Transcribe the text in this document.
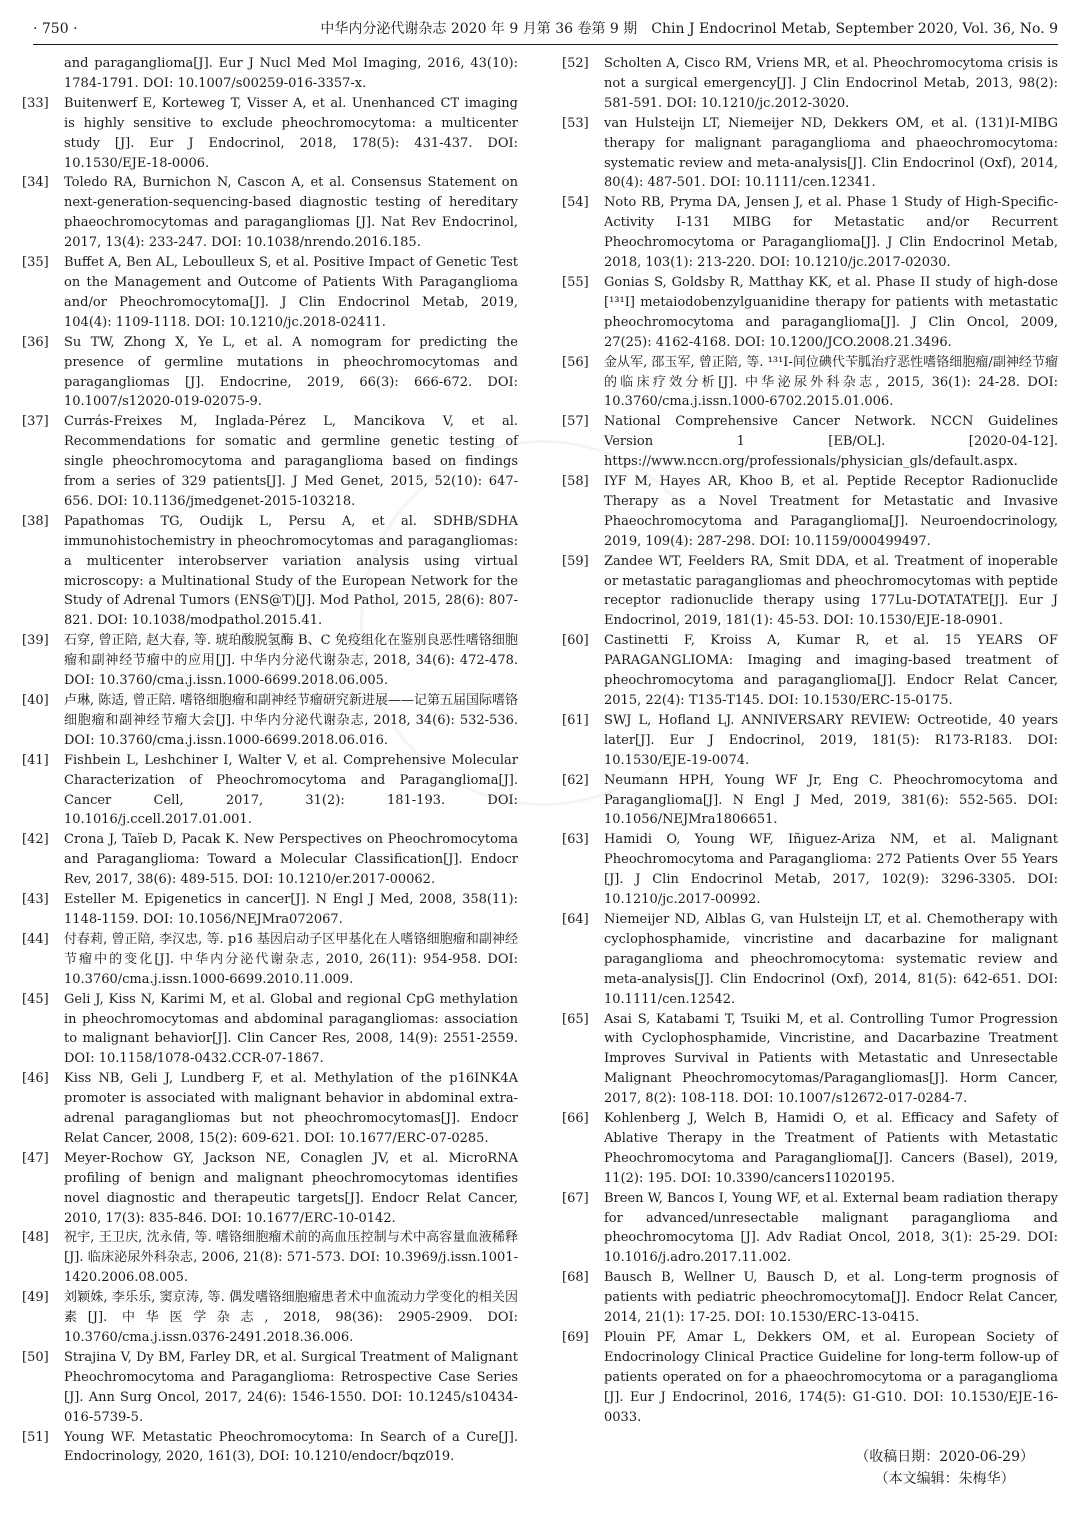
· 750 ·	中华内分泌代谢杂志 2020 年 9 月第 36 卷第 9 期　Chin J Endocrinol Metab, September 2020, Vol. 36, No. 9
and paraganglioma[J]. Eur J Nucl Med Mol Imaging, 2016, 43(10): 1784-1791. DOI: 10.1007/s00259-016-3357-x.
[33]	Buitenwerf E, Korteweg T, Visser A, et al. Unenhanced CT imaging is highly sensitive to exclude pheochromocytoma: a multicenter study [J]. Eur J Endocrinol, 2018, 178(5): 431-437. DOI: 10.1530/EJE-18-0006.
[34]	Toledo RA, Burnichon N, Cascon A, et al. Consensus Statement on next-generation-sequencing-based diagnostic testing of hereditary phaeochromocytomas and paragangliomas [J]. Nat Rev Endocrinol, 2017, 13(4): 233-247. DOI: 10.1038/nrendo.2016.185.
[35]	Buffet A, Ben AL, Leboulleux S, et al. Positive Impact of Genetic Test on the Management and Outcome of Patients With Paraganglioma and/or Pheochromocytoma[J]. J Clin Endocrinol Metab, 2019, 104(4): 1109-1118. DOI: 10.1210/jc.2018-02411.
[36]	Su TW, Zhong X, Ye L, et al. A nomogram for predicting the presence of germline mutations in pheochromocytomas and paragangliomas [J]. Endocrine, 2019, 66(3): 666-672. DOI: 10.1007/s12020-019-02075-9.
[37]	Currás-Freixes M, Inglada-Pérez L, Mancikova V, et al. Recommendations for somatic and germline genetic testing of single pheochromocytoma and paraganglioma based on findings from a series of 329 patients[J]. J Med Genet, 2015, 52(10): 647-656. DOI: 10.1136/jmedgenet-2015-103218.
[38]	Papathomas TG, Oudijk L, Persu A, et al. SDHB/SDHA immunohistochemistry in pheochromocytomas and paragangliomas: a multicenter interobserver variation analysis using virtual microscopy: a Multinational Study of the European Network for the Study of Adrenal Tumors (ENS@T)[J]. Mod Pathol, 2015, 28(6): 807-821. DOI: 10.1038/modpathol.2015.41.
[39]	石穿, 曾正陪, 赵大春, 等. 琥珀酸脱氢酶 B、C 免疫组化在鉴别良恶性嗜铬细胞瘤和副神经节瘤中的应用[J]. 中华内分泌代谢杂志, 2018, 34(6): 472-478. DOI: 10.3760/cma.j.issn.1000-6699.2018.06.005.
[40]	卢琳, 陈适, 曾正陪. 嗜铬细胞瘤和副神经节瘤研究新进展——记第五届国际嗜铬细胞瘤和副神经节瘤大会[J]. 中华内分泌代谢杂志, 2018, 34(6): 532-536. DOI: 10.3760/cma.j.issn.1000-6699.2018.06.016.
[41]	Fishbein L, Leshchiner I, Walter V, et al. Comprehensive Molecular Characterization of Pheochromocytoma and Paraganglioma[J]. Cancer Cell, 2017, 31(2): 181-193. DOI: 10.1016/j.ccell.2017.01.001.
[42]	Crona J, Taïeb D, Pacak K. New Perspectives on Pheochromocytoma and Paraganglioma: Toward a Molecular Classification[J]. Endocr Rev, 2017, 38(6): 489-515. DOI: 10.1210/er.2017-00062.
[43]	Esteller M. Epigenetics in cancer[J]. N Engl J Med, 2008, 358(11): 1148-1159. DOI: 10.1056/NEJMra072067.
[44]	付春莉, 曾正陪, 李汉忠, 等. p16 基因启动子区甲基化在人嗜铬细胞瘤和副神经节瘤中的变化[J]. 中华内分泌代谢杂志, 2010, 26(11): 954-958. DOI: 10.3760/cma.j.issn.1000-6699.2010.11.009.
[45]	Geli J, Kiss N, Karimi M, et al. Global and regional CpG methylation in pheochromocytomas and abdominal paragangliomas: association to malignant behavior[J]. Clin Cancer Res, 2008, 14(9): 2551-2559. DOI: 10.1158/1078-0432.CCR-07-1867.
[46]	Kiss NB, Geli J, Lundberg F, et al. Methylation of the p16INK4A promoter is associated with malignant behavior in abdominal extra-adrenal paragangliomas but not pheochromocytomas[J]. Endocr Relat Cancer, 2008, 15(2): 609-621. DOI: 10.1677/ERC-07-0285.
[47]	Meyer-Rochow GY, Jackson NE, Conaglen JV, et al. MicroRNA profiling of benign and malignant pheochromocytomas identifies novel diagnostic and therapeutic targets[J]. Endocr Relat Cancer, 2010, 17(3): 835-846. DOI: 10.1677/ERC-10-0142.
[48]	祝宇, 王卫庆, 沈永倩, 等. 嗜铬细胞瘤术前的高血压控制与术中高容量血液稀释[J]. 临床泌尿外科杂志, 2006, 21(8): 571-573. DOI: 10.3969/j.issn.1001-1420.2006.08.005.
[49]	刘颖姝, 李乐乐, 窦京涛, 等. 偶发嗜铬细胞瘤患者术中血流动力学变化的相关因素[J]. 中华医学杂志, 2018, 98(36): 2905-2909. DOI: 10.3760/cma.j.issn.0376-2491.2018.36.006.
[50]	Strajina V, Dy BM, Farley DR, et al. Surgical Treatment of Malignant Pheochromocytoma and Paraganglioma: Retrospective Case Series [J]. Ann Surg Oncol, 2017, 24(6): 1546-1550. DOI: 10.1245/s10434-016-5739-5.
[51]	Young WF. Metastatic Pheochromocytoma: In Search of a Cure[J]. Endocrinology, 2020, 161(3), DOI: 10.1210/endocr/bqz019.
[52]	Scholten A, Cisco RM, Vriens MR, et al. Pheochromocytoma crisis is not a surgical emergency[J]. J Clin Endocrinol Metab, 2013, 98(2): 581-591. DOI: 10.1210/jc.2012-3020.
[53]	van Hulsteijn LT, Niemeijer ND, Dekkers OM, et al. (131)I-MIBG therapy for malignant paraganglioma and phaeochromocytoma: systematic review and meta-analysis[J]. Clin Endocrinol (Oxf), 2014, 80(4): 487-501. DOI: 10.1111/cen.12341.
[54]	Noto RB, Pryma DA, Jensen J, et al. Phase 1 Study of High-Specific-Activity I-131 MIBG for Metastatic and/or Recurrent Pheochromocytoma or Paraganglioma[J]. J Clin Endocrinol Metab, 2018, 103(1): 213-220. DOI: 10.1210/jc.2017-02030.
[55]	Gonias S, Goldsby R, Matthay KK, et al. Phase II study of high-dose [¹³¹I] metaiodobenzylguanidine therapy for patients with metastatic pheochromocytoma and paraganglioma[J]. J Clin Oncol, 2009, 27(25): 4162-4168. DOI: 10.1200/JCO.2008.21.3496.
[56]	金从军, 邵玉军, 曾正陪, 等. ¹³¹I-间位碘代苄胍治疗恶性嗜铬细胞瘤/副神经节瘤的临床疗效分析[J]. 中华泌尿外科杂志, 2015, 36(1): 24-28. DOI: 10.3760/cma.j.issn.1000-6702.2015.01.006.
[57]	National Comprehensive Cancer Network. NCCN Guidelines Version 1 [EB/OL]. [2020-04-12]. https://www.nccn.org/professionals/physician_gls/default.aspx.
[58]	IYF M, Hayes AR, Khoo B, et al. Peptide Receptor Radionuclide Therapy as a Novel Treatment for Metastatic and Invasive Phaeochromocytoma and Paraganglioma[J]. Neuroendocrinology, 2019, 109(4): 287-298. DOI: 10.1159/000499497.
[59]	Zandee WT, Feelders RA, Smit DDA, et al. Treatment of inoperable or metastatic paragangliomas and pheochromocytomas with peptide receptor radionuclide therapy using 177Lu-DOTATATE[J]. Eur J Endocrinol, 2019, 181(1): 45-53. DOI: 10.1530/EJE-18-0901.
[60]	Castinetti F, Kroiss A, Kumar R, et al. 15 YEARS OF PARAGANGLIOMA: Imaging and imaging-based treatment of pheochromocytoma and paraganglioma[J]. Endocr Relat Cancer, 2015, 22(4): T135-T145. DOI: 10.1530/ERC-15-0175.
[61]	SWJ L, Hofland LJ. ANNIVERSARY REVIEW: Octreotide, 40 years later[J]. Eur J Endocrinol, 2019, 181(5): R173-R183. DOI: 10.1530/EJE-19-0074.
[62]	Neumann HPH, Young WF Jr, Eng C. Pheochromocytoma and Paraganglioma[J]. N Engl J Med, 2019, 381(6): 552-565. DOI: 10.1056/NEJMra1806651.
[63]	Hamidi O, Young WF, Iñiguez-Ariza NM, et al. Malignant Pheochromocytoma and Paraganglioma: 272 Patients Over 55 Years [J]. J Clin Endocrinol Metab, 2017, 102(9): 3296-3305. DOI: 10.1210/jc.2017-00992.
[64]	Niemeijer ND, Alblas G, van Hulsteijn LT, et al. Chemotherapy with cyclophosphamide, vincristine and dacarbazine for malignant paraganglioma and pheochromocytoma: systematic review and meta-analysis[J]. Clin Endocrinol (Oxf), 2014, 81(5): 642-651. DOI: 10.1111/cen.12542.
[65]	Asai S, Katabami T, Tsuiki M, et al. Controlling Tumor Progression with Cyclophosphamide, Vincristine, and Dacarbazine Treatment Improves Survival in Patients with Metastatic and Unresectable Malignant Pheochromocytomas/Paragangliomas[J]. Horm Cancer, 2017, 8(2): 108-118. DOI: 10.1007/s12672-017-0284-7.
[66]	Kohlenberg J, Welch B, Hamidi O, et al. Efficacy and Safety of Ablative Therapy in the Treatment of Patients with Metastatic Pheochromocytoma and Paraganglioma[J]. Cancers (Basel), 2019, 11(2): 195. DOI: 10.3390/cancers11020195.
[67]	Breen W, Bancos I, Young WF, et al. External beam radiation therapy for advanced/unresectable malignant paraganglioma and pheochromocytoma [J]. Adv Radiat Oncol, 2018, 3(1): 25-29. DOI: 10.1016/j.adro.2017.11.002.
[68]	Bausch B, Wellner U, Bausch D, et al. Long-term prognosis of patients with pediatric pheochromocytoma[J]. Endocr Relat Cancer, 2014, 21(1): 17-25. DOI: 10.1530/ERC-13-0415.
[69]	Plouin PF, Amar L, Dekkers OM, et al. European Society of Endocrinology Clinical Practice Guideline for long-term follow-up of patients operated on for a phaeochromocytoma or a paraganglioma [J]. Eur J Endocrinol, 2016, 174(5): G1-G10. DOI: 10.1530/EJE-16-0033.
（收稿日期：2020-06-29）
（本文编辑：朱梅华）
